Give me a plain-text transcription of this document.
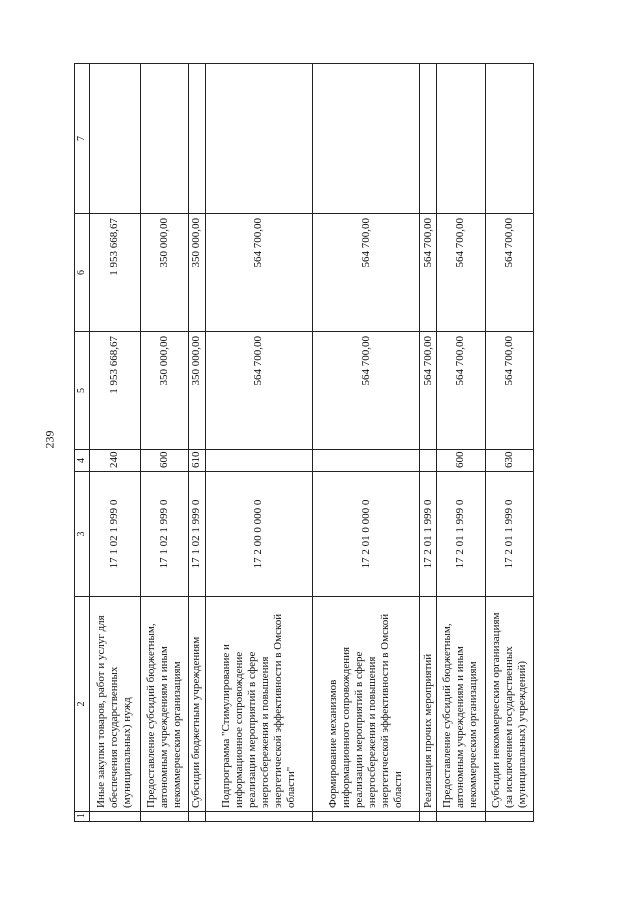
239
1	2	3	4	5	6	7
	Иные закупки товаров, работ и услуг для обеспечения государственных (муниципальных) нужд	17 1 02 1 999 0	240	1 953 668,67	1 953 668,67	
	Предоставление субсидий бюджетным, автономным учреждениям и иным некоммерческим организациям	17 1 02 1 999 0	600	350 000,00	350 000,00	
	Субсидии бюджетным учреждениям	17 1 02 1 999 0	610	350 000,00	350 000,00	
	Подпрограмма "Стимулирование и информационное сопровождение реализации мероприятий в сфере энергосбережения и повышения энергетической эффективности в Омской области"	17 2 00 0 000 0		564 700,00	564 700,00	
	Формирование механизмов информационного сопровождения реализации мероприятий в сфере энергосбережения и повышения энергетической эффективности в Омской области	17 2 01 0 000 0		564 700,00	564 700,00	
	Реализация прочих мероприятий	17 2 01 1 999 0		564 700,00	564 700,00	
	Предоставление субсидий бюджетным, автономным учреждениям и иным некоммерческим организациям	17 2 01 1 999 0	600	564 700,00	564 700,00	
	Субсидии некоммерческим организациям (за исключением государственных (муниципальных) учреждений)	17 2 01 1 999 0	630	564 700,00	564 700,00	
